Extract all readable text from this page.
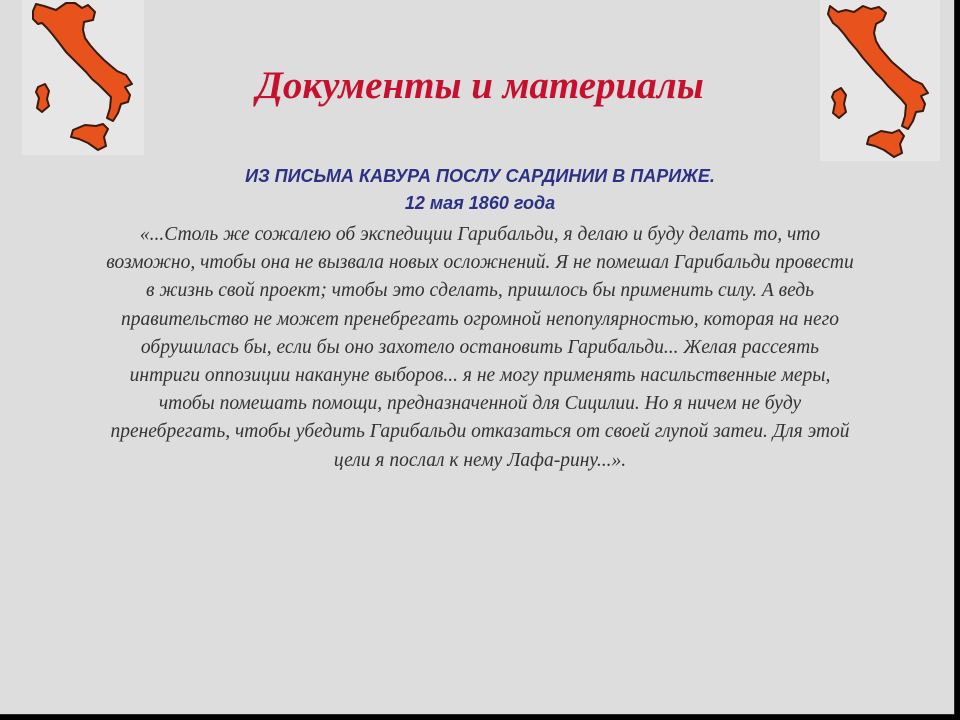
Документы и материалы
ИЗ ПИСЬМА КАВУРА ПОСЛУ САРДИНИИ В ПАРИЖЕ.
12 мая 1860 года

«...Столь же сожалею об экспедиции Гарибальди, я делаю и буду делать то, что
возможно, чтобы она не вызвала новых осложнений. Я не помешал Гарибальди провести
в жизнь свой проект; чтобы это сделать, пришлось бы применить силу. А ведь
правительство не может пренебрегать огромной непопулярностью, которая на него
обрушилась бы, если бы оно захотело остановить Гарибальди... Желая рассеять
интриги оппозиции накануне выборов... я не могу применять насильственные меры,
чтобы помешать помощи, предназначенной для Сицилии. Но я ничем не буду
пренебрегать, чтобы убедить Гарибальди отказаться от своей глупой затеи. Для этой
цели я послал к нему Лафа-рину...».
